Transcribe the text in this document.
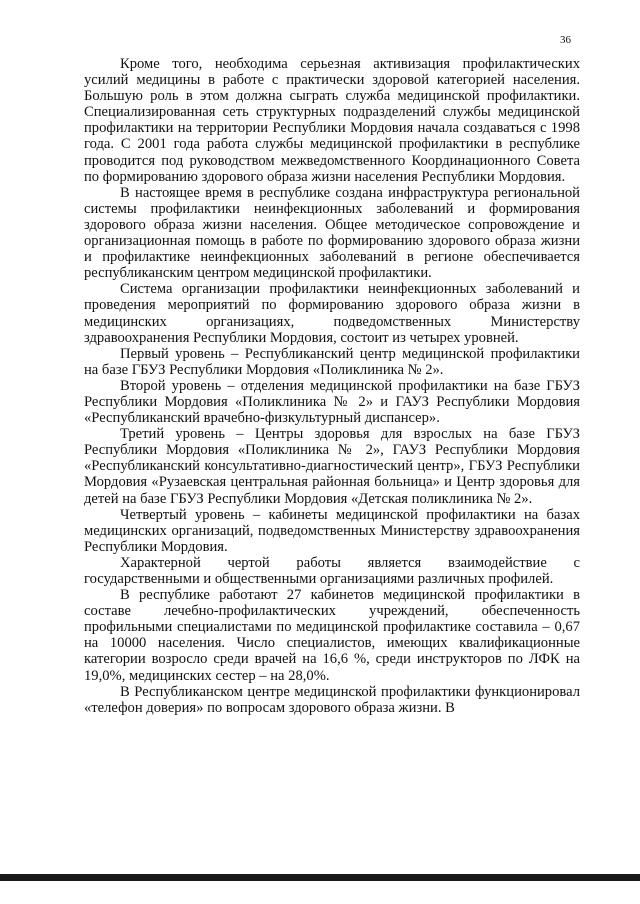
36

Кроме того, необходима серьезная активизация профилактических усилий медицины в работе с практически здоровой категорией населения. Большую роль в этом должна сыграть служба медицинской профилактики. Специализированная сеть структурных подразделений службы медицинской профилактики на территории Республики Мордовия начала создаваться с 1998 года. С 2001 года работа службы медицинской профилактики в республике проводится под руководством межведомственного Координационного Совета по формированию здорового образа жизни населения Республики Мордовия.

В настоящее время в республике создана инфраструктура региональной системы профилактики неинфекционных заболеваний и формирования здорового образа жизни населения. Общее методическое сопровождение и организационная помощь в работе по формированию здорового образа жизни и профилактике неинфекционных заболеваний в регионе обеспечивается республиканским центром медицинской профилактики.

Система организации профилактики неинфекционных заболеваний и проведения мероприятий по формированию здорового образа жизни в медицинских организациях, подведомственных Министерству здравоохранения Республики Мордовия, состоит из четырех уровней.

Первый уровень – Республиканский центр медицинской профилактики на базе ГБУЗ Республики Мордовия «Поликлиника № 2».

Второй уровень – отделения медицинской профилактики на базе ГБУЗ Республики Мордовия «Поликлиника № 2» и ГАУЗ Республики Мордовия «Республиканский врачебно-физкультурный диспансер».

Третий уровень – Центры здоровья для взрослых на базе ГБУЗ Республики Мордовия «Поликлиника № 2», ГАУЗ Республики Мордовия «Республиканский консультативно-диагностический центр», ГБУЗ Республики Мордовия «Рузаевская центральная районная больница» и Центр здоровья для детей на базе ГБУЗ Республики Мордовия «Детская поликлиника № 2».

Четвертый уровень – кабинеты медицинской профилактики на базах медицинских организаций, подведомственных Министерству здравоохранения Республики Мордовия.

Характерной чертой работы является взаимодействие с государственными и общественными организациями различных профилей.

В республике работают 27 кабинетов медицинской профилактики в составе лечебно-профилактических учреждений, обеспеченность профильными специалистами по медицинской профилактике составила – 0,67 на 10000 населения. Число специалистов, имеющих квалификационные категории возросло среди врачей на 16,6 %, среди инструкторов по ЛФК на 19,0%, медицинских сестер – на 28,0%.

В Республиканском центре медицинской профилактики функционировал «телефон доверия» по вопросам здорового образа жизни. В
